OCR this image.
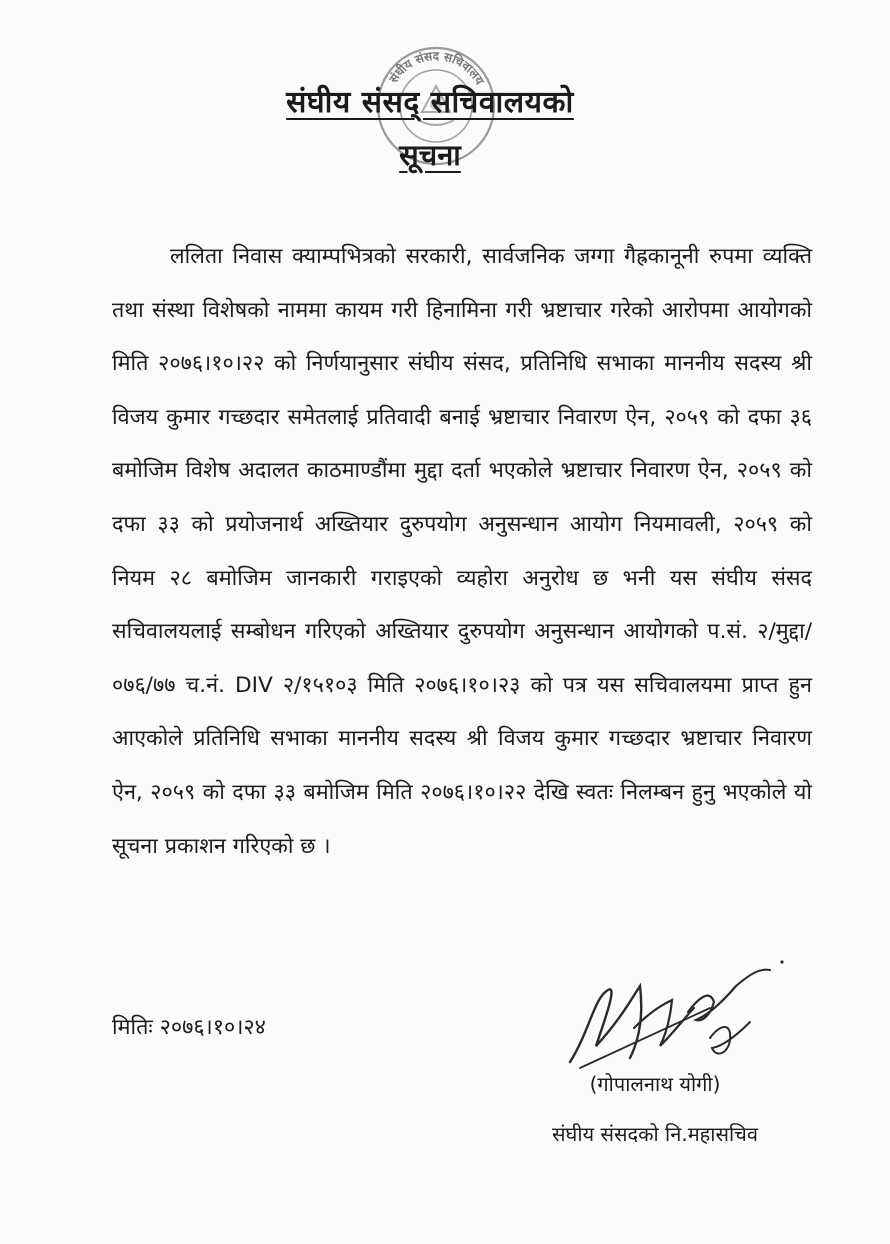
संघीय संसद सचिवालय
संघीय संसद् सचिवालयको
सूचना

ललिता निवास क्याम्पभित्रको सरकारी, सार्वजनिक जग्गा गैह्रकानूनी रुपमा व्यक्ति तथा संस्था विशेषको नाममा कायम गरी हिनामिना गरी भ्रष्टाचार गरेको आरोपमा आयोगको मिति २०७६।१०।२२ को निर्णयानुसार संघीय संसद, प्रतिनिधि सभाका माननीय सदस्य श्री विजय कुमार गच्छदार समेतलाई प्रतिवादी बनाई भ्रष्टाचार निवारण ऐन, २०५९ को दफा ३६ बमोजिम विशेष अदालत काठमाण्डौंमा मुद्दा दर्ता भएकोले भ्रष्टाचार निवारण ऐन, २०५९ को दफा ३३ को प्रयोजनार्थ अख्तियार दुरुपयोग अनुसन्धान आयोग नियमावली, २०५९ को नियम २८ बमोजिम जानकारी गराइएको व्यहोरा अनुरोध छ भनी यस संघीय संसद सचिवालयलाई सम्बोधन गरिएको अख्तियार दुरुपयोग अनुसन्धान आयोगको प.सं. २/मुद्दा/०७६/७७ च.नं. DIV २/१५१०३ मिति २०७६।१०।२३ को पत्र यस सचिवालयमा प्राप्त हुन आएकोले प्रतिनिधि सभाका माननीय सदस्य श्री विजय कुमार गच्छदार भ्रष्टाचार निवारण ऐन, २०५९ को दफा ३३ बमोजिम मिति २०७६।१०।२२ देखि स्वतः निलम्बन हुनु भएकोले यो सूचना प्रकाशन गरिएको छ ।

मितिः २०७६।१०।२४

(गोपालनाथ योगी)

संघीय संसदको नि.महासचिव
